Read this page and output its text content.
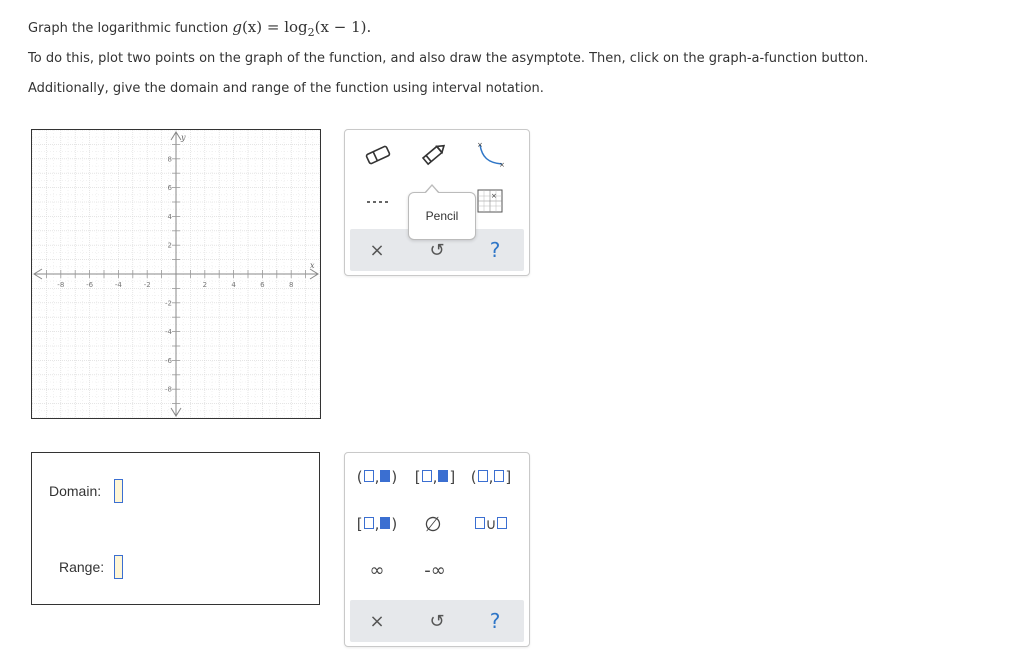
Graph the logarithmic function $g(x) = \log_2(x - 1)$.
To do this, plot two points on the graph of the function, and also draw the asymptote. Then, click on the graph-a-function button.
Additionally, give the domain and range of the function using interval notation.
-8	-6	-4	-2	2	4	6	8
8
6
4
2
-2
-4
-6
-8
x
y
×
×
×
×	↺	?
Pencil
Domain:
Range:
( , ) [ , ] ( , ]
[ , )	∅	∪
∞	-∞
×	↺	?
